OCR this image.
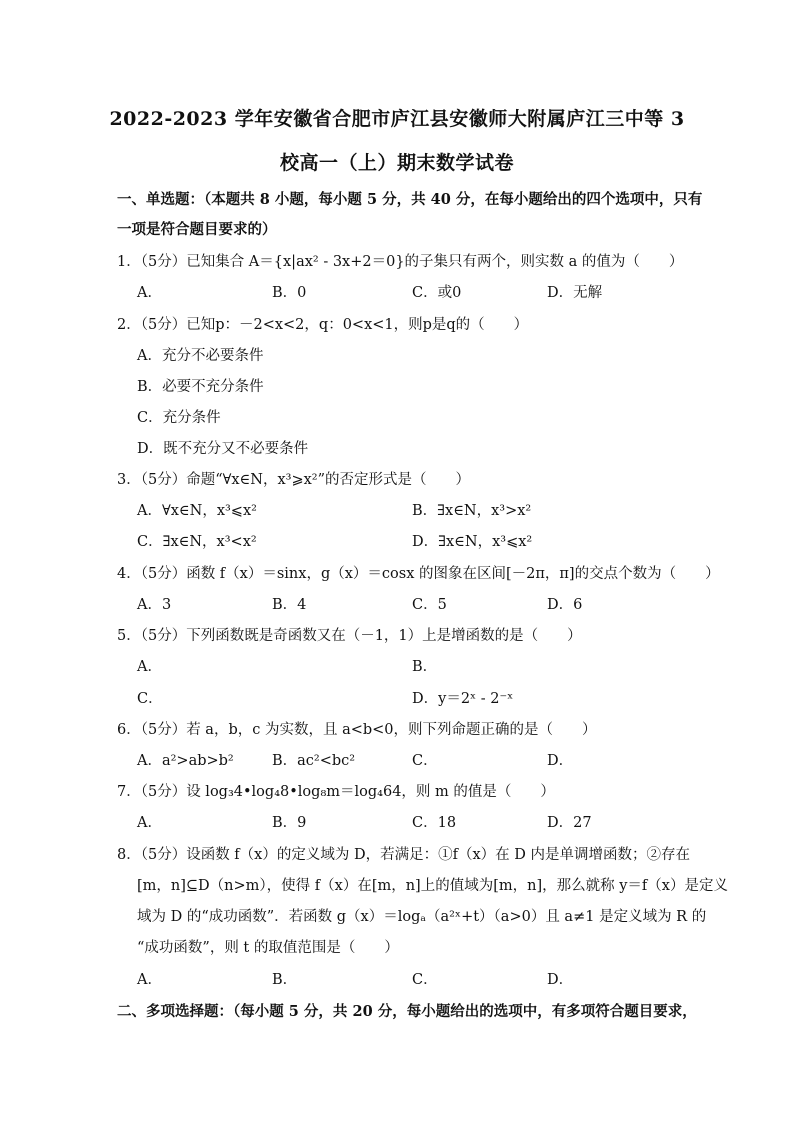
2022-2023 学年安徽省合肥市庐江县安徽师大附属庐江三中等 3
校高一（上）期末数学试卷
一、单选题：（本题共 8 小题，每小题 5 分，共 40 分，在每小题给出的四个选项中，只有
一项是符合题目要求的）
1．（5分）已知集合 A＝{x|ax² - 3x+2＝0}的子集只有两个，则实数 a 的值为（　　）
A．	B．0	C．或0	D．无解
2．（5分）已知p：－2<x<2，q：0<x<1，则p是q的（　　）
A．充分不必要条件
B．必要不充分条件
C．充分条件
D．既不充分又不必要条件
3．（5分）命题“∀x∈N，x³⩾x²”的否定形式是（　　）
A．∀x∈N，x³⩽x²	B．∃x∈N，x³>x²
C．∃x∈N，x³<x²	D．∃x∈N，x³⩽x²
4．（5分）函数 f（x）＝sinx，g（x）＝cosx 的图象在区间[－2π，π]的交点个数为（　　）
A．3	B．4	C．5	D．6
5．（5分）下列函数既是奇函数又在（－1，1）上是增函数的是（　　）
A．	B．
C．	D．y＝2ˣ - 2⁻ˣ
6．（5分）若 a，b，c 为实数，且 a<b<0，则下列命题正确的是（　　）
A．a²>ab>b²	B．ac²<bc²	C．	D．
7．（5分）设 log₃4•log₄8•log₈m＝log₄64，则 m 的值是（　　）
A．	B．9	C．18	D．27
8．（5分）设函数 f（x）的定义域为 D，若满足：①f（x）在 D 内是单调增函数；②存在
[m，n]⊆D（n>m），使得 f（x）在[m，n]上的值域为[m，n]，那么就称 y＝f（x）是定义
域为 D 的“成功函数”．若函数 g（x）＝logₐ（a²ˣ+t）（a>0）且 a≠1 是定义域为 R 的
“成功函数”，则 t 的取值范围是（　　）
A．	B．	C．	D．
二、多项选择题：（每小题 5 分，共 20 分，每小题给出的选项中，有多项符合题目要求，
